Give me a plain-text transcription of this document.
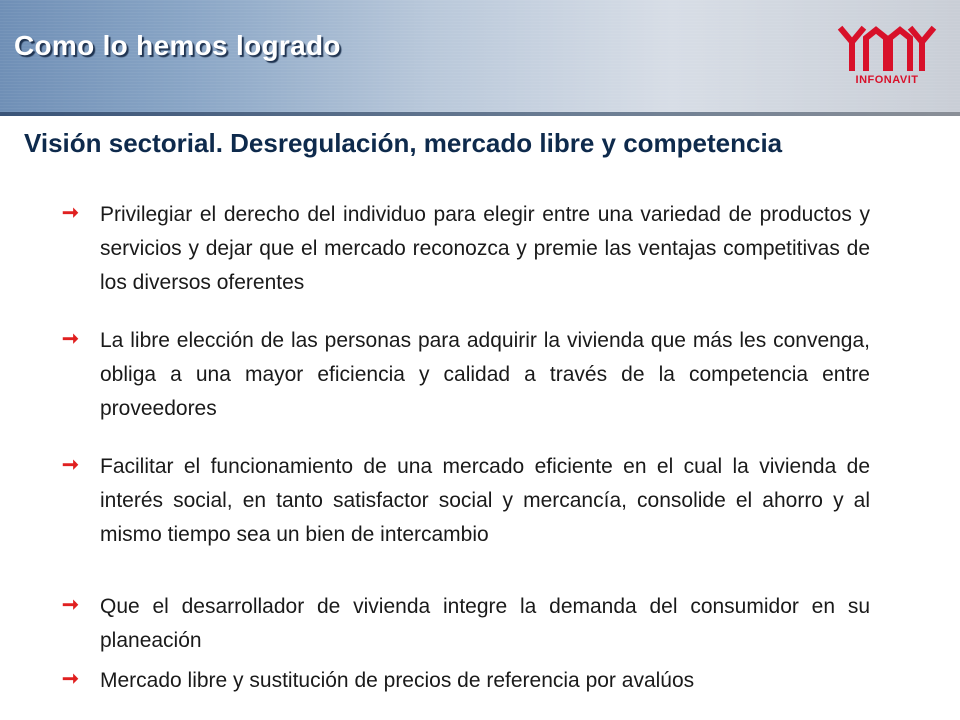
Como lo hemos logrado
INFONAVIT
Visión sectorial. Desregulación, mercado libre y competencia
➞ Privilegiar el derecho del individuo para elegir entre una variedad de productos y servicios y dejar que el mercado reconozca y premie las ventajas competitivas de los diversos oferentes
➞ La libre elección de las personas para adquirir la vivienda que más les convenga, obliga a una mayor eficiencia y calidad a través de la competencia entre proveedores
➞ Facilitar el funcionamiento de una mercado eficiente en el cual la vivienda de interés social, en tanto satisfactor social y mercancía, consolide el ahorro y al mismo tiempo sea un bien de intercambio
➞ Que el desarrollador de vivienda integre la demanda del consumidor en su planeación
➞ Mercado libre y sustitución de precios de referencia por avalúos
